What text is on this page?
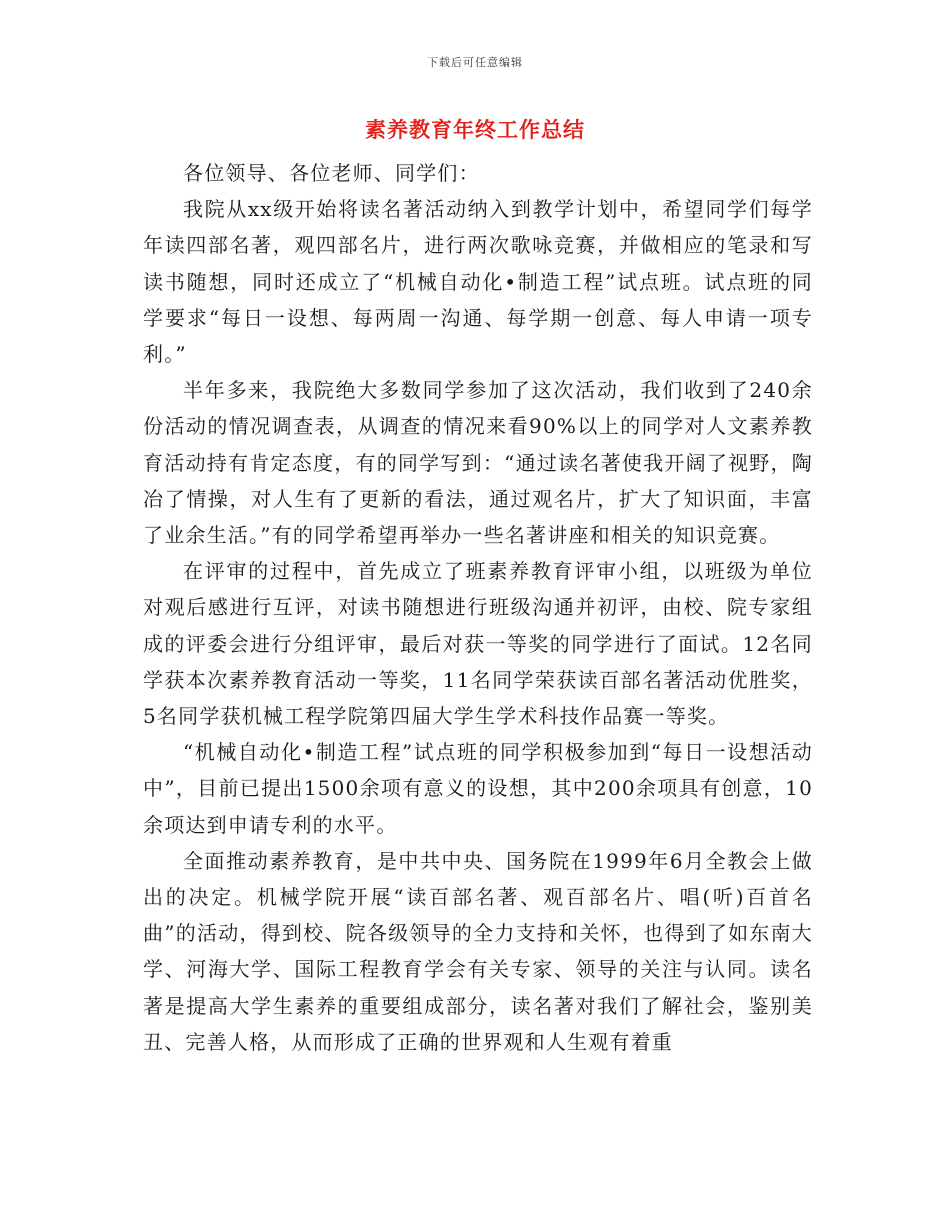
下载后可任意编辑
素养教育年终工作总结

各位领导、各位老师、同学们：

我院从xx级开始将读名著活动纳入到教学计划中，希望同学们每学年读四部名著，观四部名片，进行两次歌咏竞赛，并做相应的笔录和写读书随想，同时还成立了“机械自动化•制造工程”试点班。试点班的同学要求“每日一设想、每两周一沟通、每学期一创意、每人申请一项专利。”

半年多来，我院绝大多数同学参加了这次活动，我们收到了240余份活动的情况调查表，从调查的情况来看90%以上的同学对人文素养教育活动持有肯定态度，有的同学写到：“通过读名著使我开阔了视野，陶冶了情操，对人生有了更新的看法，通过观名片，扩大了知识面，丰富了业余生活。”有的同学希望再举办一些名著讲座和相关的知识竞赛。

在评审的过程中，首先成立了班素养教育评审小组，以班级为单位对观后感进行互评，对读书随想进行班级沟通并初评，由校、院专家组成的评委会进行分组评审，最后对获一等奖的同学进行了面试。12名同学获本次素养教育活动一等奖，11名同学荣获读百部名著活动优胜奖，5名同学获机械工程学院第四届大学生学术科技作品赛一等奖。

“机械自动化•制造工程”试点班的同学积极参加到“每日一设想活动中”，目前已提出1500余项有意义的设想，其中200余项具有创意，10余项达到申请专利的水平。

全面推动素养教育，是中共中央、国务院在1999年6月全教会上做出的决定。机械学院开展“读百部名著、观百部名片、唱(听)百首名曲”的活动，得到校、院各级领导的全力支持和关怀，也得到了如东南大学、河海大学、国际工程教育学会有关专家、领导的关注与认同。读名著是提高大学生素养的重要组成部分，读名著对我们了解社会，鉴别美丑、完善人格，从而形成了正确的世界观和人生观有着重
